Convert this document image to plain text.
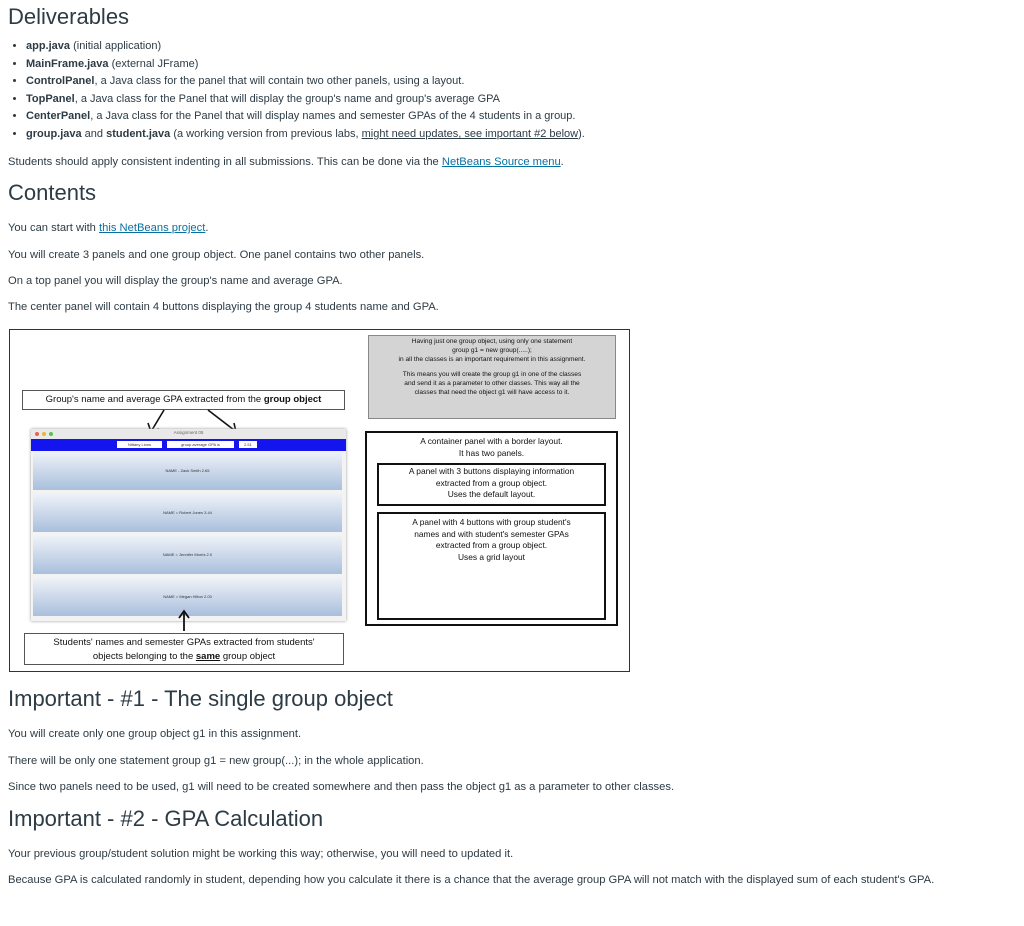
Deliverables
• app.java (initial application)
• MainFrame.java (external JFrame)
• ControlPanel, a Java class for the panel that will contain two other panels, using a layout.
• TopPanel, a Java class for the Panel that will display the group's name and group's average GPA
• CenterPanel, a Java class for the Panel that will display names and semester GPAs of the 4 students in a group.
• group.java and student.java (a working version from previous labs, might need updates, see important #2 below).

Students should apply consistent indenting in all submissions. This can be done via the NetBeans Source menu.

Contents

You can start with this NetBeans project.

You will create 3 panels and one group object. One panel contains two other panels.

On a top panel you will display the group's name and average GPA.

The center panel will contain 4 buttons displaying the group 4 students name and GPA.

Important - #1 - The single group object

You will create only one group object g1 in this assignment.

There will be only one statement group g1 = new group(...); in the whole application.

Since two panels need to be used, g1 will need to be created somewhere and then pass the object g1 as a parameter to other classes.

Important - #2 - GPA Calculation

Your previous group/student solution might be working this way; otherwise, you will need to updated it.

Because GPA is calculated randomly in student, depending how you calculate it there is a chance that the average group GPA will not match with the displayed sum of each student's GPA.

Group's name and average GPA extracted from the group object
Assignment 05
Nittany Lions	group average GPA is	2.51
NAME - Zack Smith 2.65
NAME = Robert Jones 3.44
NAME = Jennifer Morris 2.0
NAME = Megan Hilton 2.03
Students' names and semester GPAs extracted from students'
objects belonging to the same group object
Having just one group object, using only one statement
group g1 = new group(.....);
in all the classes is an important requirement in this assignment.
This means you will create the group g1 in one of the classes
and send it as a parameter to other classes. This way all the
classes that need the object g1 will have access to it.
A container panel with a border layout.
It has two panels.
A panel with 3 buttons displaying information
extracted from a group object.
Uses the default layout.
A panel with 4 buttons with group student's
names and with student's semester GPAs
extracted from a group object.
Uses a grid layout
